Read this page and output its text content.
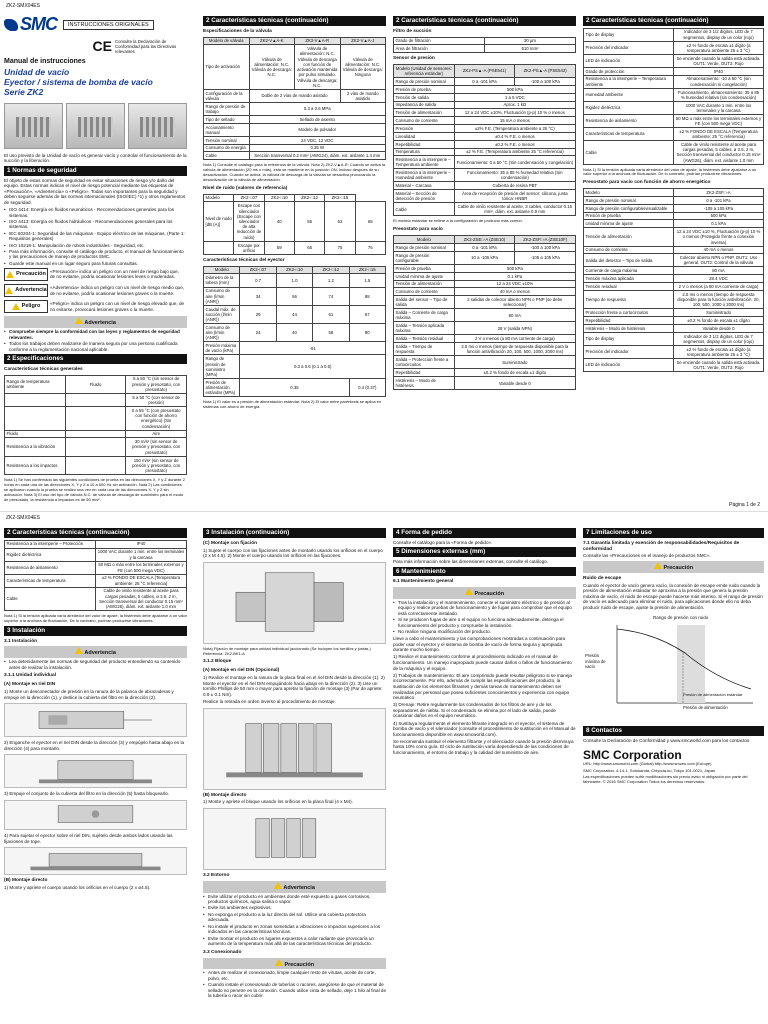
ZK2-SMX04ES
SMC	INSTRUCCIONES ORIGINALES
CE Consulte la Declaración de Conformidad para las Directivas relevantes
Manual de instrucciones
Unidad de vacío
Eyector / sistema de bomba de vacío
Serie ZK2

El uso previsto de la Unidad de vacío es generar vacío y controlar el funcionamiento de la succión y la liberación.

1 Normas de seguridad

El objeto de estas normas de seguridad es evitar situaciones de riesgo y/o daño del equipo. Estas normas indican el nivel de riesgo potencial mediante las etiquetas de «Precaución», «Advertencia» o «Peligro». Todas son importantes para la seguridad y deben seguirse además de las normas internacionales (ISO/IEC) *1) y otros reglamentos de seguridad.

• ISO 4414: Energía en fluidos neumáticos - Recomendaciones generales para los sistemas.
• ISO 4413: Energía en fluidos hidráulicos - Recomendaciones generales para los sistemas.
• IEC 60204-1: Seguridad de las máquinas - Equipo eléctrico de las máquinas. (Parte 1: Requisitos generales)
• ISO 10218-1: Manipulación de robots industriales - Seguridad, etc.
• Para más información, consulte el catálogo de producto, el manual de funcionamiento y las precauciones de manejo de productos SMC.
• Guarde este manual en un lugar seguro para futuras consultas.
Precaución «Precaución» indica un peligro con un nivel de riesgo bajo que, de no evitarse, podría ocasionar lesiones leves o moderadas.
Advertencia «Advertencia» indica un peligro con un nivel de riesgo medio que, de no evitarse, podría ocasionar lesiones graves o la muerte.
Peligro	«Peligro» indica un peligro con un nivel de riesgo elevado que, de no evitarse, provocará lesiones graves o la muerte.
Advertencia
• Compruebe siempre la conformidad con las leyes y reglamentos de seguridad relevantes.
• Todos los trabajos deben realizarse de manera segura por una persona cualificada conforme a la reglamentación nacional aplicable.
2 Especificaciones
Características técnicas generales
Rango de temperatura ambiente	Fluido	5 a 50 °C (sin sensor de presión y presostato, con presostato)
		5 a 50 °C (con sensor de presión)
		0 a 55 °C (con presostato con función de ahorro energético) (Sin condensación)
Fluido		Aire
Resistencia a la vibración		30 m/s² (sin sensor de presión y presostato, con presostato)
Resistencia a los impactos		150 m/s² (sin sensor de presión y presostato, con presostato)

Nota 1) Se han confirmado las siguientes condiciones de prueba en las direcciones X, Y y Z durante 2 horas en cada una de las direcciones X, Y y Z a 10 a 500 Hz sin activación. Nota 2) Las condiciones se aplicaron cuando la prueba se realizó una vez en cada una de las direcciones X, Y y Z sin activación. Nota 3) El uso del tipo de válvula N.C. de válvula de descarga de suministro para el modo de presostato, la resistencia a impactos es de 50 m/s².

2 Características técnicas (continuación)
Especificaciones de la válvula
Modelo de válvula	ZK2-V▲A-K	ZK2-V▲A-R	ZK2-V▲A-J
Tipo de activación	Válvula de alimentación: N.C. Válvula de descarga: N.C.	Válvula de alimentación: N.C. Válvula de descarga con función de activación mantenida por pulso simulado. Válvula de descarga: N.C.	Válvula de alimentación: N.C. Válvula de descarga: Ninguna
Configuración de la válvula	Doble de 2 vías de mando asistido		2 vías de mando asistido
Rango de presión de trabajo	0.3 a 0.6 MPa		
Tipo de sellado	Sellado de asiento		
Accionamiento manual	Modelo de pulsador		
Tensión nominal	24 VDC, 12 VDC		
Consumo de energía	0.35 W		
Cable	Sección transversal 0.2 mm² (AWG24), diám. ext. aislante 1.4 mm		

Nota 1) Consulte el catálogo para la referencia de la válvula. Nota 2) ZK2-V▲A-R: Cuando se activa la válvula de alimentación (20 ms o más), esta se mantiene en la posición ON. Incluso después de su desactivación. Cuando se activa, la válvula de descarga de la válvula se desactiva provocando la desactivación de la válvula de alimentación.

Nivel de ruido (valores de referencia)
Modelo	ZK2-□07	ZK2-□10	ZK2-□12	ZK2-□15	
Nivel de ruido [dB (A)]	Escape con silenciador (Escape con silenciador de alta reducción de ruido)	40	55	63	65
	Escape por orificio	59	65	75	76
Características técnicas del eyector
Modelo	ZK2-□07	ZK2-□10	ZK2-□12	ZK2-□15
Diámetro de la tobera (mm)	0.7	1.0	1.2	1.5
Consumo de aire (l/min (ANR))	34	56	74	88
Caudal máx. de succión (l/min (ANR))	29	44	61	67
Consumo de aire (l/min (ANR))	24	40	58	80
Presión máxima de vacío (kPa)	-91			
Rango de presión de suministro (MPa)	0.3 a 0.6 (0.1 a 0.6)			
Presión de alimentación estándar (MPa)	0.35			0.4 (0.37)

Nota 1) El valor es a presión de alimentación estándar. Nota 2) El valor entre paréntesis se aplica en sistemas con ahorro de energía.

2 Características técnicas (continuación)
Filtro de succión
Grado de filtración	30 µm
Área de filtración	510 mm²
Sensor de presión
Modelo (Unidad de sensores: referencia estándar)	ZK2-PS▲-A (PSE541)	ZK2-PS▲-A (PSE543)
Rango de presión nominal	0 a -101 kPa	-100 a 100 kPa
Presión de prueba	500 kPa	
Tensión de salida	1 a 5 VDC	
Impedancia de salida	Aprox. 1 kΩ	
Tensión de alimentación	12 a 24 VDC ±10%, Fluctuación (p-p) 10 % o menos	
Consumo de corriente	15 mA o menos	
Precisión	±2% F.E. (Temperatura ambiente a 25 °C)	
Linealidad	±0.4 % F.E. o menos	
Repetibilidad	±0.2 % F.E. o menos	
Temperatura	±2 % F.E. (Temperatura ambiente 25 °C referencia)	
Resistencia a la intemperie – Temperatura ambiente	Funcionamiento: 0 a 50 °C (Sin condensación y congelación)	
Resistencia a la intemperie – Humedad ambiente	Funcionamiento: 35 a 85 % humedad relativa (Sin condensación)	
Material – Carcasa	Cubierta de resina PBT	
Material – Sección de detección de presión	Área de recepción de presión del sensor: silicona, junta tórica: HNBR	
Cable	Cable de vinilo resistente al aceite, 3 cables, conductor 0.15 mm², diám. ext. aislante 0.9 mm	

El modelo estándar se refiere a la configuración de producto más común.

Presostato para vacío
Modelo	ZK2-ZSE□-A (ZSE10)	ZK2-ZSF□-A (ZSE10F)
Rango de presión nominal	0 a -101 kPa	-100 a 100 kPa
Rango de presión configurable	10 a -105 kPa	-105 a 105 kPa
Presión de prueba	500 kPa	
Unidad mínima de ajuste	0.1 kPa	
Tensión de alimentación	12 a 24 VDC ±10%	
Consumo de corriente	40 mA o menos	
Salida del sensor – Tipo de salida	2 salidas de colector abierto NPN o PNP (se debe seleccionar)	
Salida – Corriente de carga máxima	80 mA	
Salida – Tensión aplicada máxima	28 V (salida NPN)	
Salida – Tensión residual	2 V o menos (a 80 mA corriente de carga)	
Salida – Tiempo de respuesta	2.5 ms o menos (tiempo de respuesta disponible para la función antivibración 20, 100, 500, 1000, 2000 ms)	
Salida – Protección frente a cortocircuitos	Suministrado	
Repetibilidad	±0.2 % fondo de escala ±1 dígito	
Histéresis – Modo de histéresis	Variable desde 0	
2 Características técnicas (continuación)
Tipo de display	Indicador de 3 1/2 dígitos, LED de 7 segmentos, display de un color (rojo)
Precisión del indicador	±2 % fondo de escala ±1 dígito (a temperatura ambiente 25 ± 3 °C)
LED de indicación	Se enciende cuando la salida está activada. OUT1: Verde, OUT2: Rojo
Grado de protección	IP40
Resistencia a la intemperie – Temperatura ambiente	Almacenamiento: -10 a 60 °C (sin condensación ni congelación)
Humedad ambiente	Funcionamiento, almacenamiento: 35 a 85 % humedad relativa (sin condensación)
Rigidez dieléctrica	1000 VAC durante 1 min. entre los terminales y la carcasa
Resistencia de aislamiento	50 MΩ o más entre los terminales externos y FE (con 500 mega VDC)
Características de temperatura	±2 % FONDO DE ESCALA (Temperatura ambiente: 25 °C referencia)
Cable	Cable de vinilo resistente al aceite para cargas pesadas, 5 cables, ø 3.5, 2 m, Sección transversal del conductor 0.15 mm² (AWG26), diám. ext. aislante 1.0 mm

Nota 1) Si la tensión aplicada varía alrededor del valor de ajuste, la histéresis debe ajustarse a un valor superior a la anchura de fluctuación. De lo contrario, podrían producirse vibraciones.

Presostato para vacío con función de ahorro energético
Modelo	ZK2-ZSF□-A
Rango de presión nominal	0 a -101 kPa
Rango de presión configurable/visualizable	-105 a 105 kPa
Presión de prueba	500 kPa
Unidad mínima de ajuste	0.1 kPa
Tensión de alimentación	12 a 24 VDC ±10 %, Fluctuación (p-p) 10 % o menos (Protegido frente a conexión inversa)
Consumo de corriente	40 mA o menos
Salida del detector – Tipo de salida	Colector abierto NPN o PNP. OUT1: Uso general, OUT2: Control de la válvula
Corriente de carga máxima	80 mA
Tensión máxima aplicada	28.4 VDC
Tensión residual	2 V o menos (a 80 mA corriente de carga)
Tiempo de respuesta	2.5 ms o menos (tiempo de respuesta disponible para la función antivibración: 20, 100, 500, 1000 o 2000 ms)
Protección frente a cortocircuitos	Suministrado
Repetibilidad	±0.2 % fondo de escala ±1 dígito
Histéresis – Modo de histéresis	Variable desde 0
Tipo de display	Indicador de 3 1/2 dígitos, LED de 7 segmentos, display de un color (rojo)
Precisión del indicador	±2 % fondo de escala ±1 dígito (a temperatura ambiente 25 ± 3 °C)
LED de indicación	Se enciende cuando la salida está activada. OUT1: Verde, OUT2: Rojo
Página 1 de 2
ZK2-SMX04ES
2 Características técnicas (continuación)
Resistencia a la intemperie – Protección	IP40
Rigidez dieléctrica	1000 VAC durante 1 min. entre los terminales y la carcasa
Resistencia de aislamiento	50 MΩ o más entre los terminales externos y FE (con 500 mega VDC)
Características de temperatura	±2 % FONDO DE ESCALA (Temperatura ambiente: 25 °C referencia)
Cable	Cable de vinilo resistente al aceite para cargas pesadas, 5 cables, ø 3.5, 2 m, Sección transversal del conductor 0.15 mm² (AWG26), diám. ext. aislante 1.0 mm

Nota 1) Si la tensión aplicada varía alrededor del valor de ajuste, la histéresis debe ajustarse a un valor superior a la anchura de fluctuación. De lo contrario, podrían producirse vibraciones.

3 Instalación
3.1 Instalación
Advertencia
• Lea detenidamente las normas de seguridad del producto entendiendo su contenido antes de realizar la instalación.
3.1.1 Unidad individual
(A) Montaje en riel DIN

1) Monte un desconectador de presión en la ranura de la palanca de abrazaderas y empuje en la dirección (1), y deslice la cubierta del filtro en la dirección (2).

2) Enganche el eyector en el riel DIN desde la dirección (3) y empújelo hasta abajo en la dirección (4) para montarlo.

3) Empuje el conjunto de la cubierta del filtro en la dirección (5) hasta bloquearlo.

4) Para sujetar el eyector sobre el riel DIN, sujételo desde ambos lados usando las fijaciones de tope.

(B) Montaje directo

1) Monte y apriete el cuerpo usando los orificios en el cuerpo (2 x ø4.5).

3 Instalación (continuación)
(C) Montaje con fijación

1) Sujete el cuerpo con las fijaciones antes de montarlo usando los orificios en el cuerpo (2 x M 4.5). 2) Monte el cuerpo usando los orificios en las fijaciones.

Nota) Fijación de montaje para unidad individual (accionado (Se incluyen los tornillos y juntas.) Referencia: ZK2-BK1-A

3.1.2 Bloque
(A) Montaje en riel DIN (Opcional)

1) Realice el montaje en la ranura de la placa final en el riel DIN desde la dirección (1). 2) Monte el eyector en el riel DIN empujándolo hacia abajo en la dirección (2). 3) Use un tornillo Phillips de 50 mm o mayor para apretar la fijación de montaje (3) (Par de apriete: 0.9 ± 0.1 Nm).

Realice la retirada en orden inverso al procedimiento de montaje.

(B) Montaje directo

1) Monte y apriete el bloque usando los orificios en la placa final (4 x M4).

3.2 Entorno
Advertencia
• Evite utilizar el producto en ambientes donde esté expuesto a gases corrosivos, productos químicos, agua salina o vapor.
• Evite los ambientes explosivos.
• No exponga el producto a la luz directa del sol. Utilice una cubierta protectora adecuada.
• No instale el producto en zonas sometidas a vibraciones o impactos superiores a los indicados en las características técnicas.
• Evite montar el producto en lugares expuestos a calor radiante que provocaría un aumento de la temperatura más allá de las características técnicas del producto.
3.3 Conexionado
Precaución
• Antes de realizar el conexionado, limpie cualquier resto de virutas, aceite de corte, polvo, etc.
• Cuando instale el conexionado de tuberías o racores, asegúrese de que el material de sellado no penetre en la conexión. Cuando utilice cinta de sellado, deje 1 hilo al final de la tubería o racor sin cubrir.
4 Forma de pedido

Consulte el catálogo para la «Forma de pedido».

5 Dimensiones externas (mm)

Para más información sobre las dimensiones externas, consulte el catálogo.

6 Mantenimiento
6.1 Mantenimiento general
Precaución
• Tras la instalación y el mantenimiento, conecte el suministro eléctrico y de presión al equipo y realice pruebas de funcionamiento y de fugas para comprobar que el equipo está correctamente instalado.
• Si se producen fugas de aire o el equipo no funciona adecuadamente, detenga el funcionamiento del producto y compruebe la instalación.
• No realice ninguna modificación del producto.

Lleve a cabo el mantenimiento y las comprobaciones mostradas a continuación para poder usar el eyector y el sistema de bomba de vacío de forma segura y apropiada durante mucho tiempo.

1) Realice el mantenimiento conforme al procedimiento indicado en el manual de funcionamiento. Un manejo inapropiado puede causar daños o fallos de funcionamiento de la máquina y el equipo.

2) Trabajos de mantenimiento: El aire comprimido puede resultar peligroso si se maneja incorrectamente. Por ello, además de cumplir las especificaciones del producto, la sustitución de los elementos filtrantes y demás tareas de mantenimiento deben ser realizadas por personal que posea suficientes conocimientos y experiencia con equipo neumático.

3) Drenaje: Retire regularmente los condensados de los filtros de aire y de los separadores de niebla. Si el condensado se elimina por el lado de salida, puede ocasionar daños en el equipo neumático.

4) Sustituya regularmente el elemento filtrante integrado en el eyector, el sistema de bomba de vacío y el silenciador (consulte el procedimiento de sustitución en el Manual de funcionamiento disponible en www.smcworld.com).

Se recomienda sustituir el elemento filtrante y el silenciador cuando la presión disminuya hasta 10% como guía. El ciclo de sustitución varía dependiendo de las condiciones de funcionamiento, el entorno de trabajo y la calidad del suministro de aire.

7 Limitaciones de uso
7.1 Garantía limitada y exención de responsabilidades/Requisitos de conformidad

Consulte las «Precauciones en el manejo de productos SMC».

Precaución
Ruido de escape

Cuando el eyector de vacío genera vacío, la conexión de escape emite ruido cuando la presión de alimentación estándar se aproxima a la presión que genera la presión máxima de vacío, el ruido de escape puede hacerse más intenso. Si el rango de presión de vacío es adecuado para eliminar el ruido, para aplicaciones donde ello no deba producir ruido de escape, ajuste la presión de alimentación.

Rango de presión con ruido
Presión máxima de vacío
Presión de alimentación
Presión de alimentación estándar
8 Contactos

Consulte la Declaración de Conformidad y www.smcworld.com para los contactos.

SMC Corporation

URL: http://www.smcworld.com (Global) http://www.smceu.com (Europe)

SMC Corporation, 4-14-1, Sotokanda, Chiyoda-ku, Tokyo 101-0021, Japan

Las especificaciones pueden sufrir modificaciones sin previo aviso ni obligación por parte del fabricante. © 2016 SMC Corporation Todos los derechos reservados.
